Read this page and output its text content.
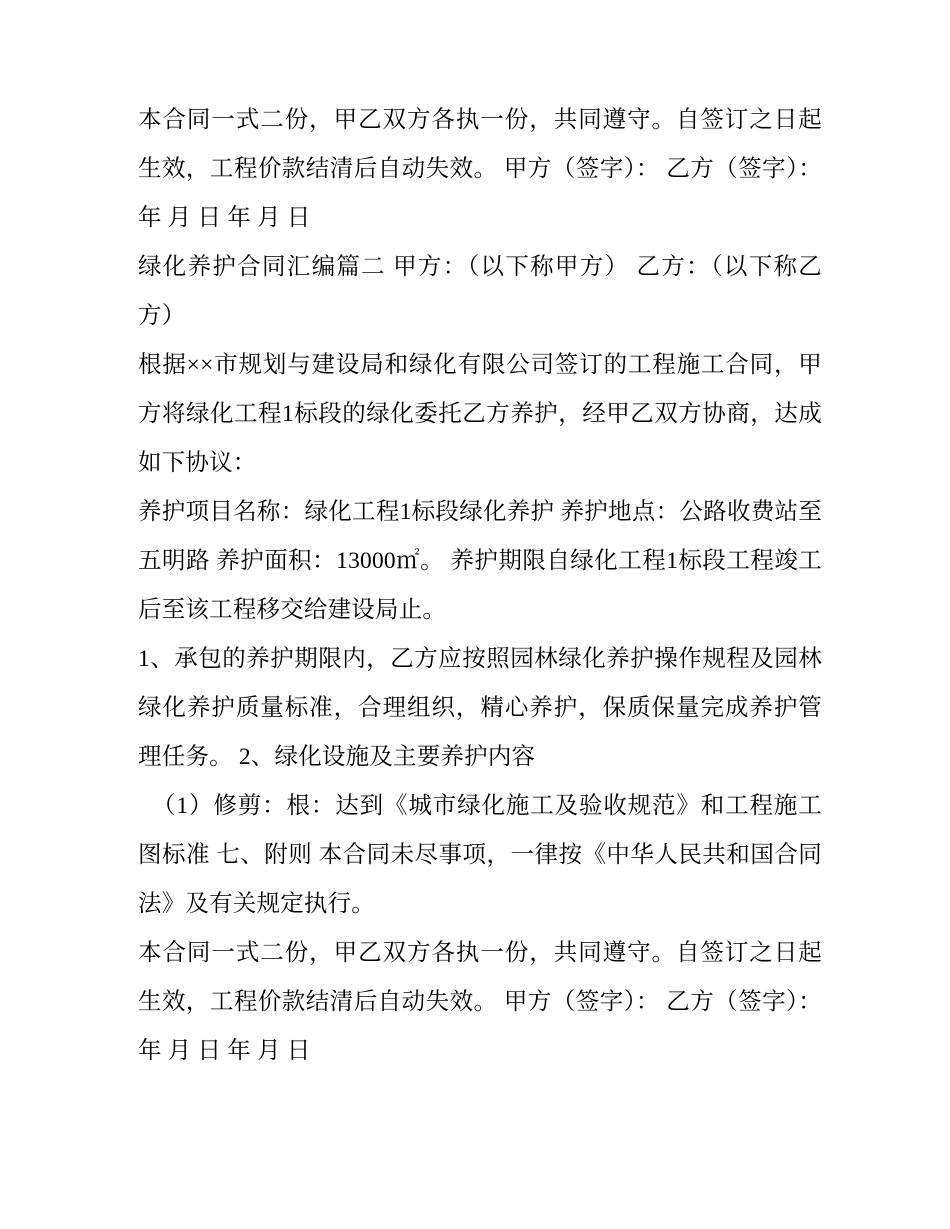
本合同一式二份，甲乙双方各执一份，共同遵守。自签订之日起生效，工程价款结清后自动失效。 甲方（签字）： 乙方（签字）： 年 月 日 年 月 日

绿化养护合同汇编篇二 甲方：（以下称甲方） 乙方：（以下称乙方）

根据××市规划与建设局和绿化有限公司签订的工程施工合同，甲方将绿化工程1标段的绿化委托乙方养护，经甲乙双方协商，达成如下协议：

养护项目名称：绿化工程1标段绿化养护 养护地点：公路收费站至五明路 养护面积：13000㎡。 养护期限自绿化工程1标段工程竣工后至该工程移交给建设局止。

1、承包的养护期限内，乙方应按照园林绿化养护操作规程及园林绿化养护质量标准，合理组织，精心养护，保质保量完成养护管理任务。 2、绿化设施及主要养护内容

（1）修剪：根：达到《城市绿化施工及验收规范》和工程施工图标准 七、附则 本合同未尽事项，一律按《中华人民共和国合同法》及有关规定执行。

本合同一式二份，甲乙双方各执一份，共同遵守。自签订之日起生效，工程价款结清后自动失效。 甲方（签字）： 乙方（签字）： 年 月 日 年 月 日
